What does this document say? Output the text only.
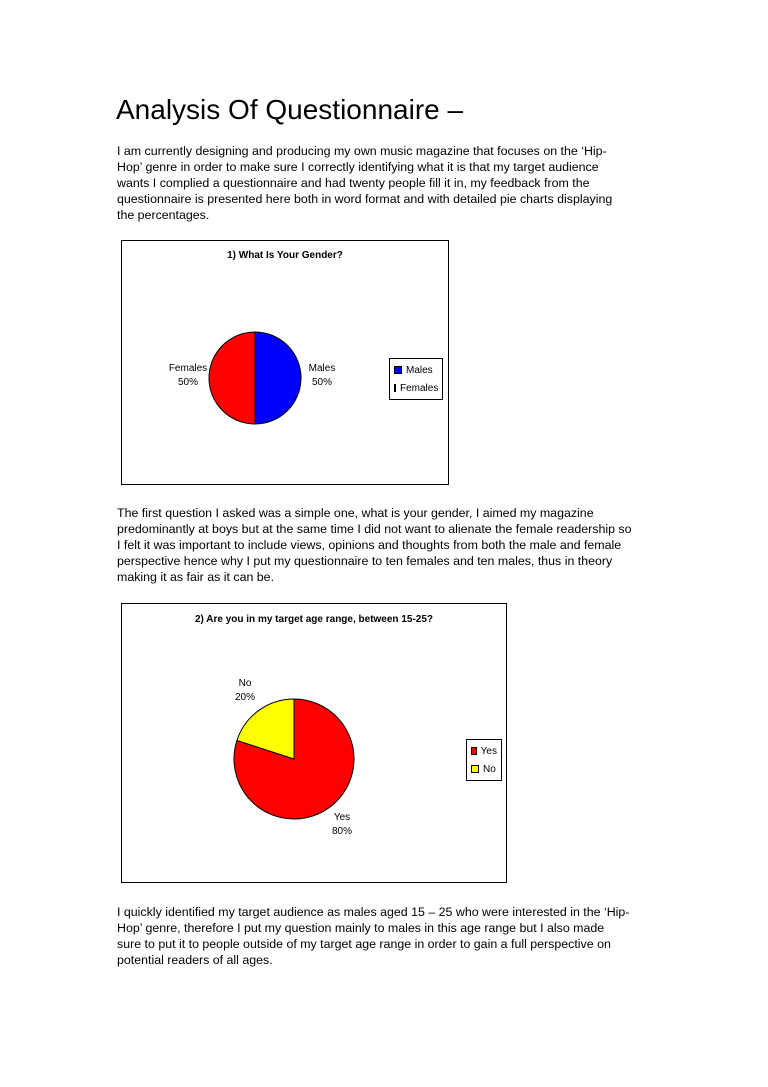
Analysis Of Questionnaire –
I am currently designing and producing my own music magazine that focuses on the ‘Hip-
Hop’ genre in order to make sure I correctly identifying what it is that my target audience
wants I complied a questionnaire and had twenty people fill it in, my feedback from the
questionnaire is presented here both in word format and with detailed pie charts displaying
the percentages.
1) What Is Your Gender?
Males
50%
Females
50%
Males
Females
The first question I asked was a simple one, what is your gender, I aimed my magazine
predominantly at boys but at the same time I did not want to alienate the female readership so
I felt it was important to include views, opinions and thoughts from both the male and female
perspective hence why I put my questionnaire to ten females and ten males, thus in theory
making it as fair as it can be.
2) Are you in my target age range, between 15-25?
Yes
80%
No
20%
Yes
No
I quickly identified my target audience as males aged 15 – 25 who were interested in the ‘Hip-
Hop’ genre, therefore I put my question mainly to males in this age range but I also made
sure to put it to people outside of my target age range in order to gain a full perspective on
potential readers of all ages.
